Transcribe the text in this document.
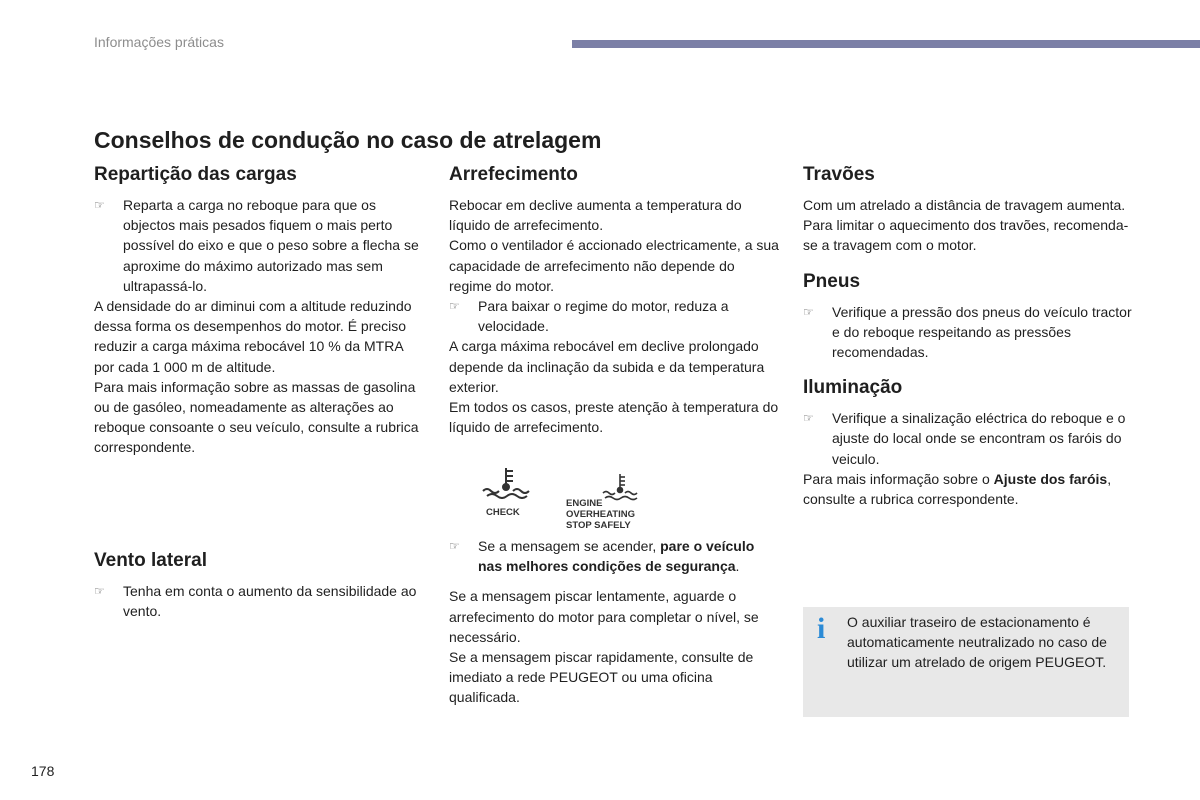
Informações práticas
Conselhos de condução no caso de atrelagem
Repartição das cargas
☞ Reparta a carga no reboque para que os objectos mais pesados fiquem o mais perto possível do eixo e que o peso sobre a flecha se aproxime do máximo autorizado mas sem ultrapassá-lo.

A densidade do ar diminui com a altitude reduzindo dessa forma os desempenhos do motor. É preciso reduzir a carga máxima rebocável 10 % da MTRA por cada 1 000 m de altitude.

Para mais informação sobre as massas de gasolina ou de gasóleo, nomeadamente as alterações ao reboque consoante o seu veículo, consulte a rubrica correspondente.

Vento lateral
☞ Tenha em conta o aumento da sensibilidade ao vento.

Arrefecimento

Rebocar em declive aumenta a temperatura do líquido de arrefecimento.

Como o ventilador é accionado electricamente, a sua capacidade de arrefecimento não depende do regime do motor.

☞ Para baixar o regime do motor, reduza a velocidade.

A carga máxima rebocável em declive prolongado depende da inclinação da subida e da temperatura exterior.

Em todos os casos, preste atenção à temperatura do líquido de arrefecimento.

CHECK
ENGINE OVERHEATING
STOP SAFELY
☞ Se a mensagem se acender, pare o veículo nas melhores condições de segurança.

Se a mensagem piscar lentamente, aguarde o arrefecimento do motor para completar o nível, se necessário.

Se a mensagem piscar rapidamente, consulte de imediato a rede PEUGEOT ou uma oficina qualificada.

Travões

Com um atrelado a distância de travagem aumenta.

Para limitar o aquecimento dos travões, recomenda-se a travagem com o motor.

Pneus
☞ Verifique a pressão dos pneus do veículo tractor e do reboque respeitando as pressões recomendadas.

Iluminação
☞ Verifique a sinalização eléctrica do reboque e o ajuste do local onde se encontram os faróis do veiculo.

Para mais informação sobre o Ajuste dos faróis, consulte a rubrica correspondente.

i O auxiliar traseiro de estacionamento é automaticamente neutralizado no caso de utilizar um atrelado de origem PEUGEOT.
178
